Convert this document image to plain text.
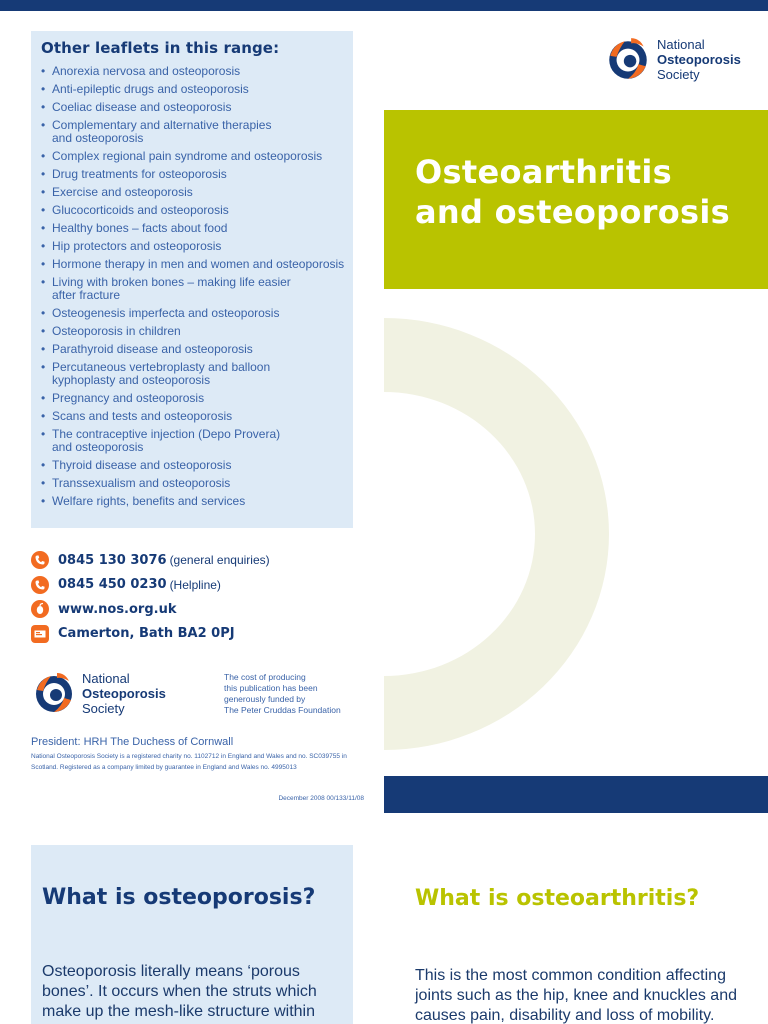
Other leaflets in this range:
• Anorexia nervosa and osteoporosis
• Anti-epileptic drugs and osteoporosis
• Coeliac disease and osteoporosis
• Complementary and alternative therapies
and osteoporosis
• Complex regional pain syndrome and osteoporosis
• Drug treatments for osteoporosis
• Exercise and osteoporosis
• Glucocorticoids and osteoporosis
• Healthy bones – facts about food
• Hip protectors and osteoporosis
• Hormone therapy in men and women and osteoporosis
• Living with broken bones – making life easier
after fracture
• Osteogenesis imperfecta and osteoporosis
• Osteoporosis in children
• Parathyroid disease and osteoporosis
• Percutaneous vertebroplasty and balloon
kyphoplasty and osteoporosis
• Pregnancy and osteoporosis
• Scans and tests and osteoporosis
• The contraceptive injection (Depo Provera)
and osteoporosis
• Thyroid disease and osteoporosis
• Transsexualism and osteoporosis
• Welfare rights, benefits and services
0845 130 3076 (general enquiries)
0845 450 0230 (Helpline)
www.nos.org.uk
Camerton, Bath BA2 0PJ
National
Osteoporosis
Society
The cost of producing
this publication has been
generously funded by
The Peter Cruddas Foundation
President: HRH The Duchess of Cornwall
National Osteoporosis Society is a registered charity no. 1102712 in England and Wales and no. SC039755 in Scotland. Registered as a company limited by guarantee in England and Wales no. 4995013
December 2008 00/133/11/08
National
Osteoporosis
Society
Osteoarthritis
and osteoporosis
What is osteoporosis?
Osteoporosis literally means ‘porous bones’. It occurs when the struts which make up the mesh-like structure within
What is osteoarthritis?
This is the most common condition affecting joints such as the hip, knee and knuckles and causes pain, disability and loss of mobility.
